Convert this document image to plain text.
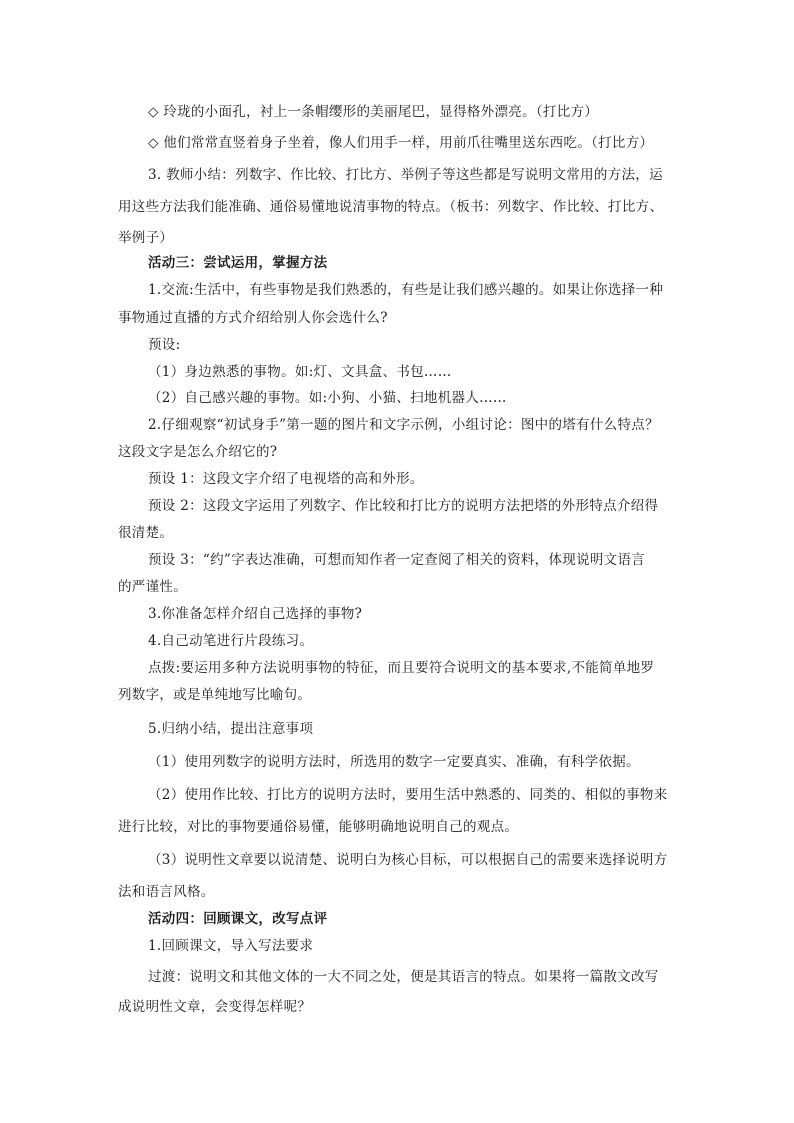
◇ 玲珑的小面孔，衬上一条帽缨形的美丽尾巴，显得格外漂亮。（打比方）
◇ 他们常常直竖着身子坐着，像人们用手一样，用前爪往嘴里送东西吃。（打比方）
3. 教师小结：列数字、作比较、打比方、举例子等这些都是写说明文常用的方法，运
用这些方法我们能准确、通俗易懂地说清事物的特点。（板书：列数字、作比较、打比方、
举例子）
活动三：尝试运用，掌握方法
1.交流:生活中，有些事物是我们熟悉的，有些是让我们感兴趣的。如果让你选择一种
事物通过直播的方式介绍给别人你会选什么?
预设:
（1）身边熟悉的事物。如:灯、文具盒、书包……
（2）自己感兴趣的事物。如:小狗、小猫、扫地机器人……
2.仔细观察“初试身手”第一题的图片和文字示例，小组讨论：图中的塔有什么特点？
这段文字是怎么介绍它的?
预设 1：这段文字介绍了电视塔的高和外形。
预设 2：这段文字运用了列数字、作比较和打比方的说明方法把塔的外形特点介绍得
很清楚。
预设 3：“约”字表达准确，可想而知作者一定查阅了相关的资料，体现说明文语言
的严谨性。
3.你准备怎样介绍自己选择的事物?
4.自己动笔进行片段练习。
点拨:要运用多种方法说明事物的特征，而且要符合说明文的基本要求,不能简单地罗
列数字，或是单纯地写比喻句。
5.归纳小结，提出注意事项
（1）使用列数字的说明方法时，所选用的数字一定要真实、准确，有科学依据。
（2）使用作比较、打比方的说明方法时，要用生活中熟悉的、同类的、相似的事物来
进行比较，对比的事物要通俗易懂，能够明确地说明自己的观点。
（3）说明性文章要以说清楚、说明白为核心目标，可以根据自己的需要来选择说明方
法和语言风格。
活动四：回顾课文，改写点评
1.回顾课文，导入写法要求
过渡：说明文和其他文体的一大不同之处，便是其语言的特点。如果将一篇散文改写
成说明性文章，会变得怎样呢？
